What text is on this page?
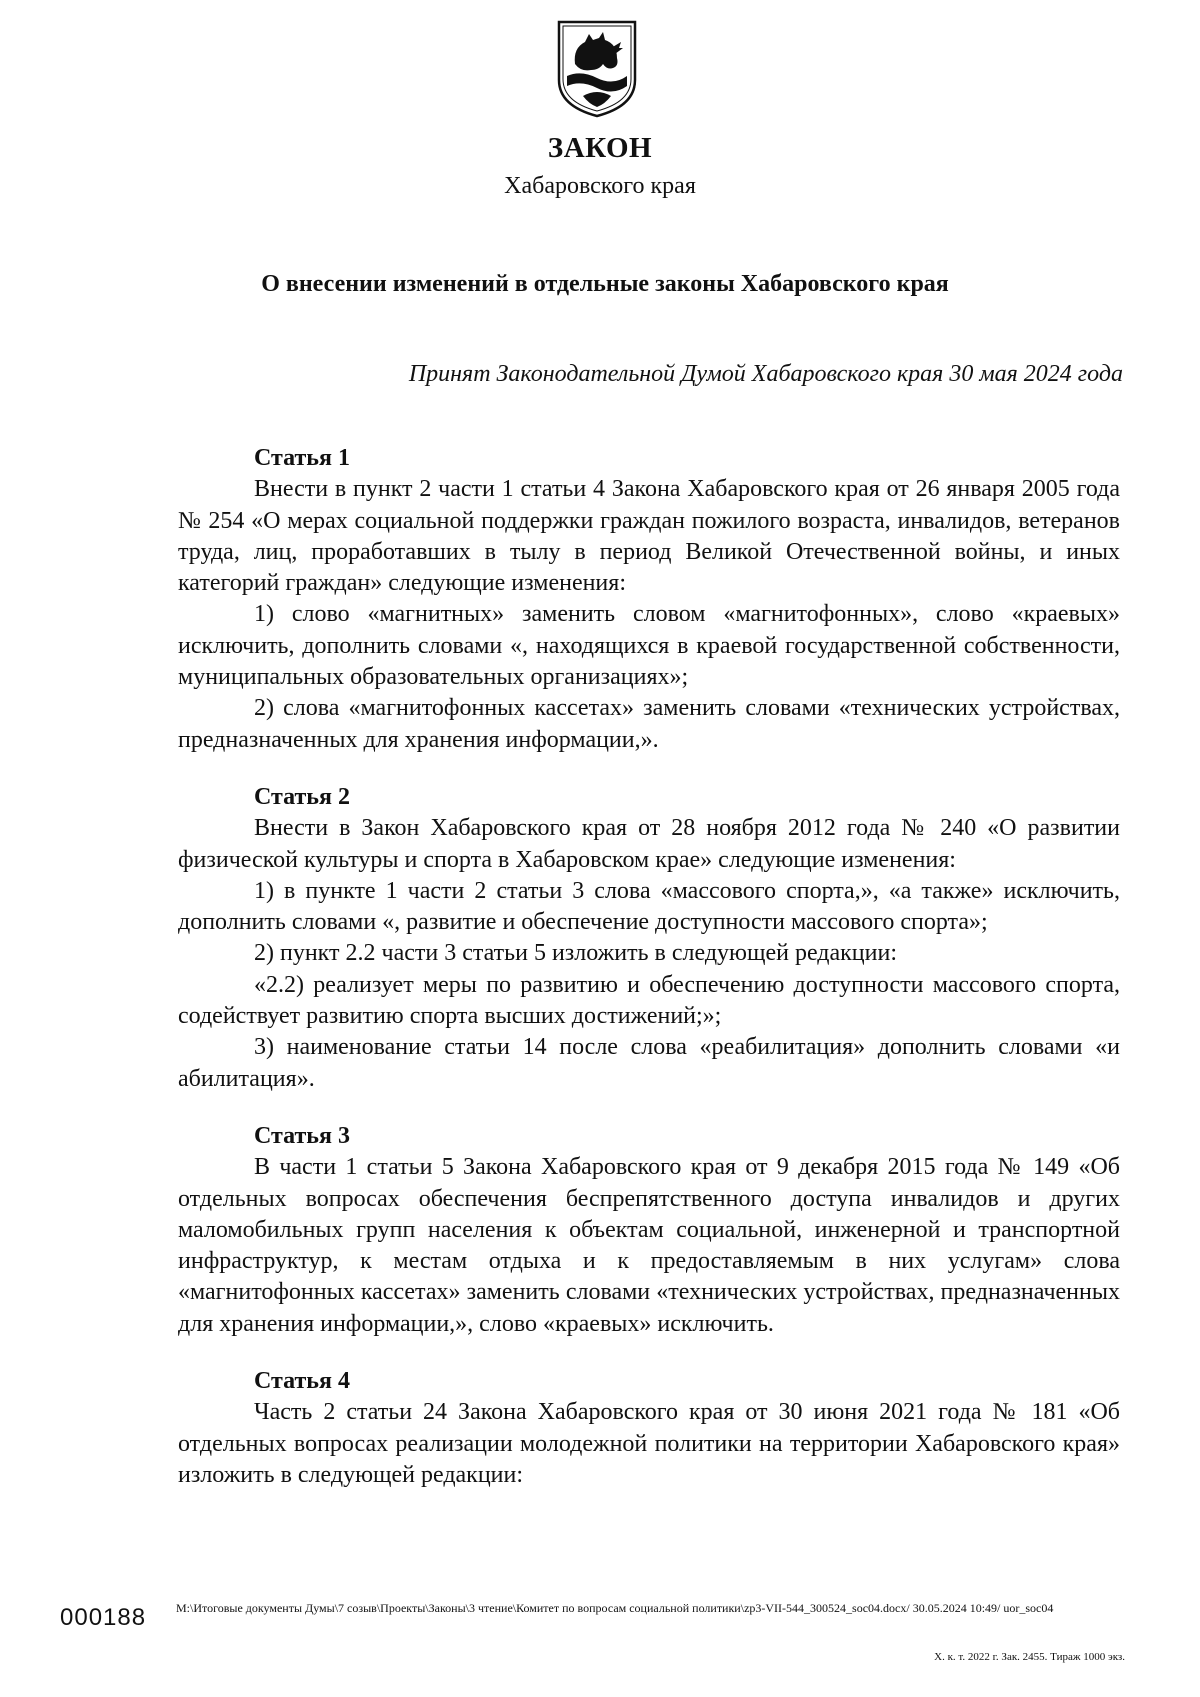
ЗАКОН
Хабаровского края
О внесении изменений в отдельные законы Хабаровского края
Принят Законодательной Думой Хабаровского края 30 мая 2024 года

Статья 1

Внести в пункт 2 части 1 статьи 4 Закона Хабаровского края от 26 января 2005 года № 254 «О мерах социальной поддержки граждан пожилого возраста, инвалидов, ветеранов труда, лиц, проработавших в тылу в период Великой Отечественной войны, и иных категорий граждан» следующие изменения:

1) слово «магнитных» заменить словом «магнитофонных», слово «краевых» исключить, дополнить словами «, находящихся в краевой государственной собственности, муниципальных образовательных организациях»;

2) слова «магнитофонных кассетах» заменить словами «технических устройствах, предназначенных для хранения информации,».

Статья 2

Внести в Закон Хабаровского края от 28 ноября 2012 года № 240 «О развитии физической культуры и спорта в Хабаровском крае» следующие изменения:

1) в пункте 1 части 2 статьи 3 слова «массового спорта,», «а также» исключить, дополнить словами «, развитие и обеспечение доступности массового спорта»;

2) пункт 2.2 части 3 статьи 5 изложить в следующей редакции:

«2.2) реализует меры по развитию и обеспечению доступности массового спорта, содействует развитию спорта высших достижений;»;

3) наименование статьи 14 после слова «реабилитация» дополнить словами «и абилитация».

Статья 3

В части 1 статьи 5 Закона Хабаровского края от 9 декабря 2015 года № 149 «Об отдельных вопросах обеспечения беспрепятственного доступа инвалидов и других маломобильных групп населения к объектам социальной, инженерной и транспортной инфраструктур, к местам отдыха и к предоставляемым в них услугам» слова «магнитофонных кассетах» заменить словами «технических устройствах, предназначенных для хранения информации,», слово «краевых» исключить.

Статья 4

Часть 2 статьи 24 Закона Хабаровского края от 30 июня 2021 года № 181 «Об отдельных вопросах реализации молодежной политики на территории Хабаровского края» изложить в следующей редакции:

000188 M:\Итоговые документы Думы\7 созыв\Проекты\Законы\3 чтение\Комитет по вопросам социальной политики\zp3-VII-544_300524_soc04.docx/ 30.05.2024 10:49/ uor_soc04
Х. к. т. 2022 г. Зак. 2455. Тираж 1000 экз.
